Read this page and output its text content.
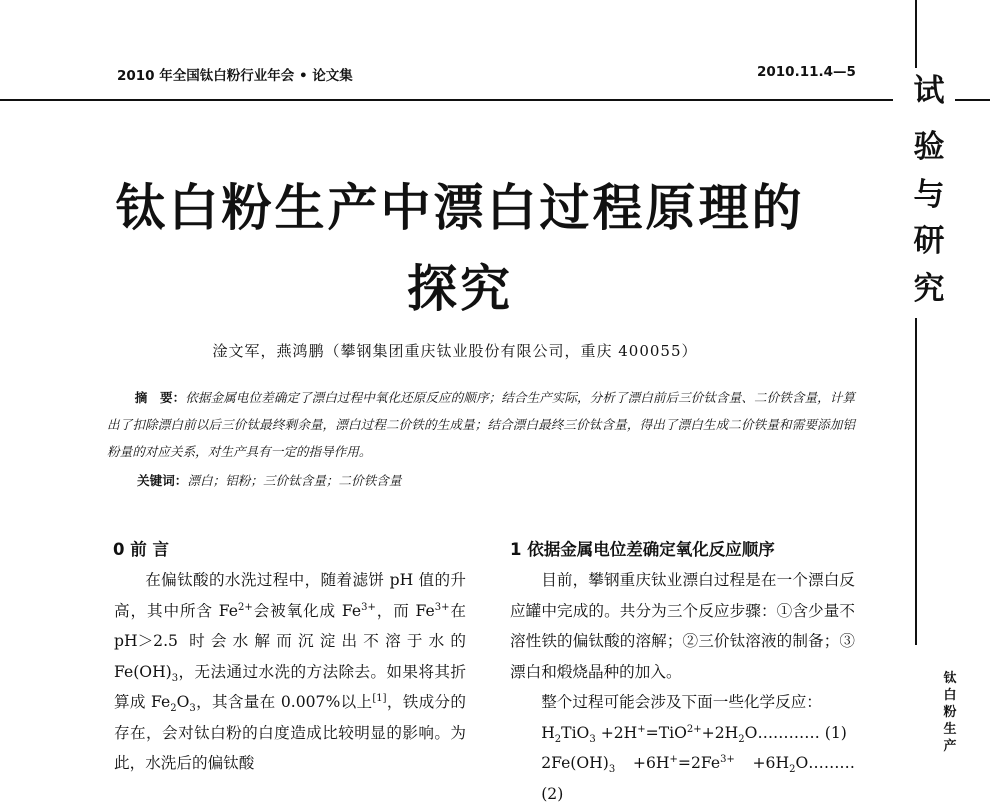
2010 年全国钛白粉行业年会 • 论文集	2010.11.4—5
试
验
与
研
究
钛
白
粉
生
产
钛白粉生产中漂白过程原理的
探究
淦文军，燕鸿鹏（攀钢集团重庆钛业股份有限公司，重庆 400055）
摘　要：依据金属电位差确定了漂白过程中氧化还原反应的顺序；结合生产实际，分析了漂白前后三价钛含量、二价铁含量，计算出了扣除漂白前以后三价钛最终剩余量，漂白过程二价铁的生成量；结合漂白最终三价钛含量，得出了漂白生成二价铁量和需要添加铝粉量的对应关系，对生产具有一定的指导作用。
关键词：漂白；铝粉；三价钛含量；二价铁含量
0 前 言	1 依据金属电位差确定氧化反应顺序
在偏钛酸的水洗过程中，随着滤饼 pH 值的升高，其中所含 $Fe^{2+}$会被氧化成 $Fe^{3+}$，而 $Fe^{3+}$在 pH＞2.5 时会水解而沉淀出不溶于水的 $Fe(OH)_3$，无法通过水洗的方法除去。如果将其折算成 $Fe_2O_3$，其含量在 0.007%以上[1]，铁成分的存在，会对钛白粉的白度造成比较明显的影响。为此，水洗后的偏钛酸

目前，攀钢重庆钛业漂白过程是在一个漂白反应罐中完成的。共分为三个反应步骤：①含少量不溶性铁的偏钛酸的溶解；②三价钛溶液的制备；③漂白和煅烧晶种的加入。

整个过程可能会涉及下面一些化学反应：

$H_2TiO_3$ $+2H^+=TiO^{2+}+2H_2O\dots\dots\dots\dots$ (1)

$2Fe(OH)_3 +6H^+=2Fe^{3+}$ $+6H_2O\dots\dots\dots$ (2)
